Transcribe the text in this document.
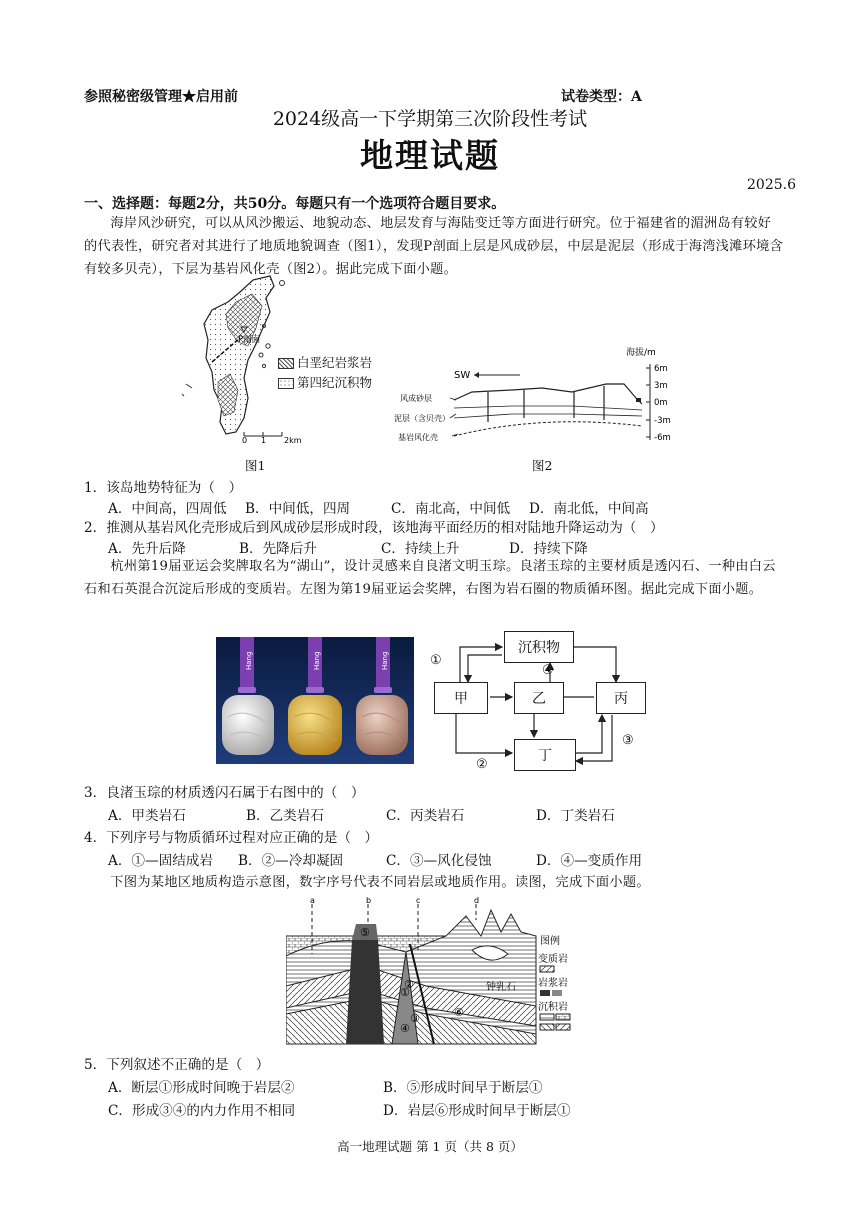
参照秘密级管理★启用前	试卷类型：A
2024级高一下学期第三次阶段性考试
地理试题
2025.6
一、选择题：每题2分，共50分。每题只有一个选项符合题目要求。
海岸风沙研究，可以从风沙搬运、地貌动态、地层发育与海陆变迁等方面进行研究。位于福建省的湄洲岛有较好的代表性，研究者对其进行了地质地貌调查（图1），发现P剖面上层是风成砂层，中层是泥层（形成于海湾浅滩环境含有较多贝壳），下层为基岩风化壳（图2）。据此完成下面小题。
P剖面
0 1 2km
白垩纪岩浆岩
第四纪沉积物
图1
海拔/m
6m
3m
0m
-3m
-6m
SW
风成砂层
泥层（含贝壳）
基岩风化壳
图2
1．该岛地势特征为（　）
A．中间高，四周低 B．中间低，四周	C．南北高，中间低 D．南北低，中间高
2．推测从基岩风化壳形成后到风成砂层形成时段，该地海平面经历的相对陆地升降运动为（　）
A．先升后降	B．先降后升	C．持续上升	D．持续下降
杭州第19届亚运会奖牌取名为“湖山”，设计灵感来自良渚文明玉琮。良渚玉琮的主要材质是透闪石、一种由白云石和石英混合沉淀后形成的变质岩。左图为第19届亚运会奖牌，右图为岩石圈的物质循环图。据此完成下面小题。
Hang	Hang	Hang
沉积物
甲	乙	丙
丁
①
②
③
④
3．良渚玉琮的材质透闪石属于右图中的（　）
A．甲类岩石	B．乙类岩石	C．丙类岩石	D．丁类岩石
4．下列序号与物质循环过程对应正确的是（　）
A．①—固结成岩 B．②—冷却凝固	C．③—风化侵蚀	D．④—变质作用
下图为某地区地质构造示意图，数字序号代表不同岩层或地质作用。读图，完成下面小题。
a	b	c	d
①
②
③
④
⑤
⑥
钟乳石
图例
变质岩
岩浆岩
沉积岩
5．下列叙述不正确的是（　）
A．断层①形成时间晚于岩层②	B．⑤形成时间早于断层①
C．形成③④的内力作用不相同	D．岩层⑥形成时间早于断层①
高一地理试题 第 1 页（共 8 页）
